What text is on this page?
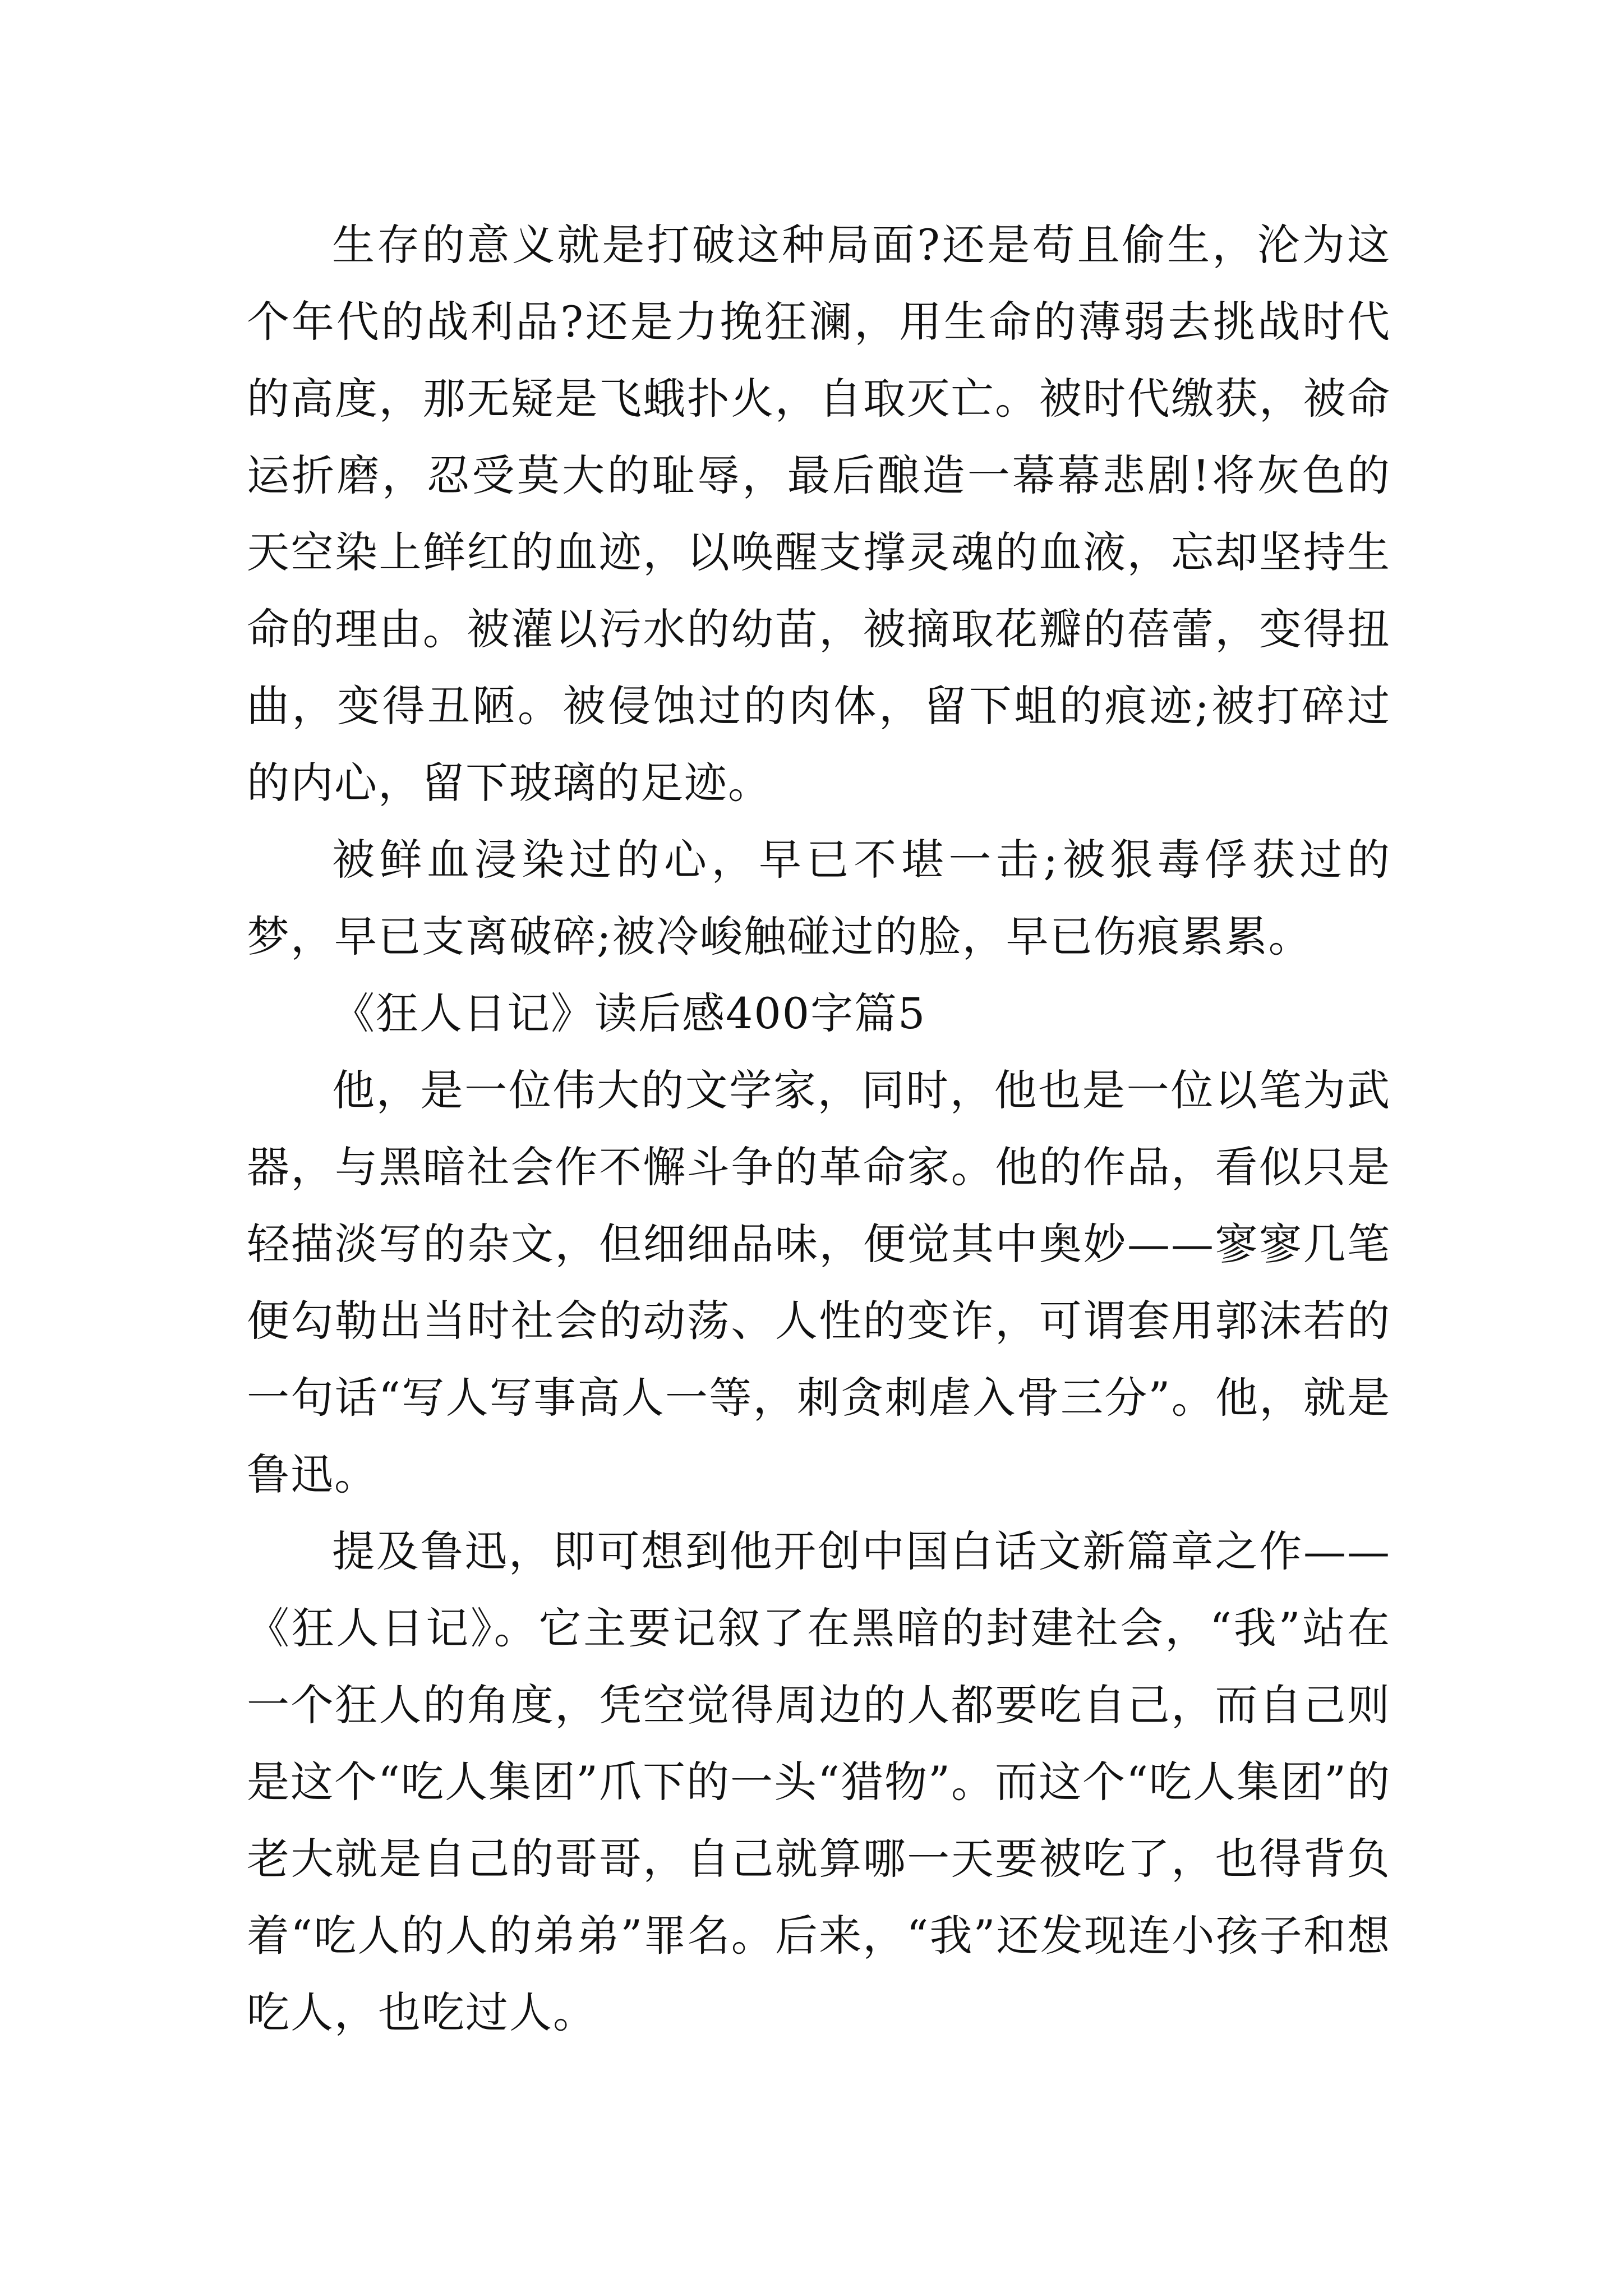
生存的意义就是打破这种局面?还是苟且偷生，沦为这个年代的战利品?还是力挽狂澜，用生命的薄弱去挑战时代的高度，那无疑是飞蛾扑火，自取灭亡。被时代缴获，被命运折磨，忍受莫大的耻辱，最后酿造一幕幕悲剧!将灰色的天空染上鲜红的血迹，以唤醒支撑灵魂的血液，忘却坚持生命的理由。被灌以污水的幼苗，被摘取花瓣的蓓蕾，变得扭曲，变得丑陋。被侵蚀过的肉体，留下蛆的痕迹;被打碎过的内心，留下玻璃的足迹。

被鲜血浸染过的心，早已不堪一击;被狠毒俘获过的梦，早已支离破碎;被冷峻触碰过的脸，早已伤痕累累。

《狂人日记》读后感400字篇5

他，是一位伟大的文学家，同时，他也是一位以笔为武器，与黑暗社会作不懈斗争的革命家。他的作品，看似只是轻描淡写的杂文，但细细品味，便觉其中奥妙——寥寥几笔便勾勒出当时社会的动荡、人性的变诈，可谓套用郭沫若的一句话“写人写事高人一等，刺贪刺虐入骨三分”。他，就是鲁迅。

提及鲁迅，即可想到他开创中国白话文新篇章之作——《狂人日记》。它主要记叙了在黑暗的封建社会，“我”站在一个狂人的角度，凭空觉得周边的人都要吃自己，而自己则是这个“吃人集团”爪下的一头“猎物”。而这个“吃人集团”的老大就是自己的哥哥，自己就算哪一天要被吃了，也得背负着“吃人的人的弟弟”罪名。后来，“我”还发现连小孩子和想吃人，也吃过人。
